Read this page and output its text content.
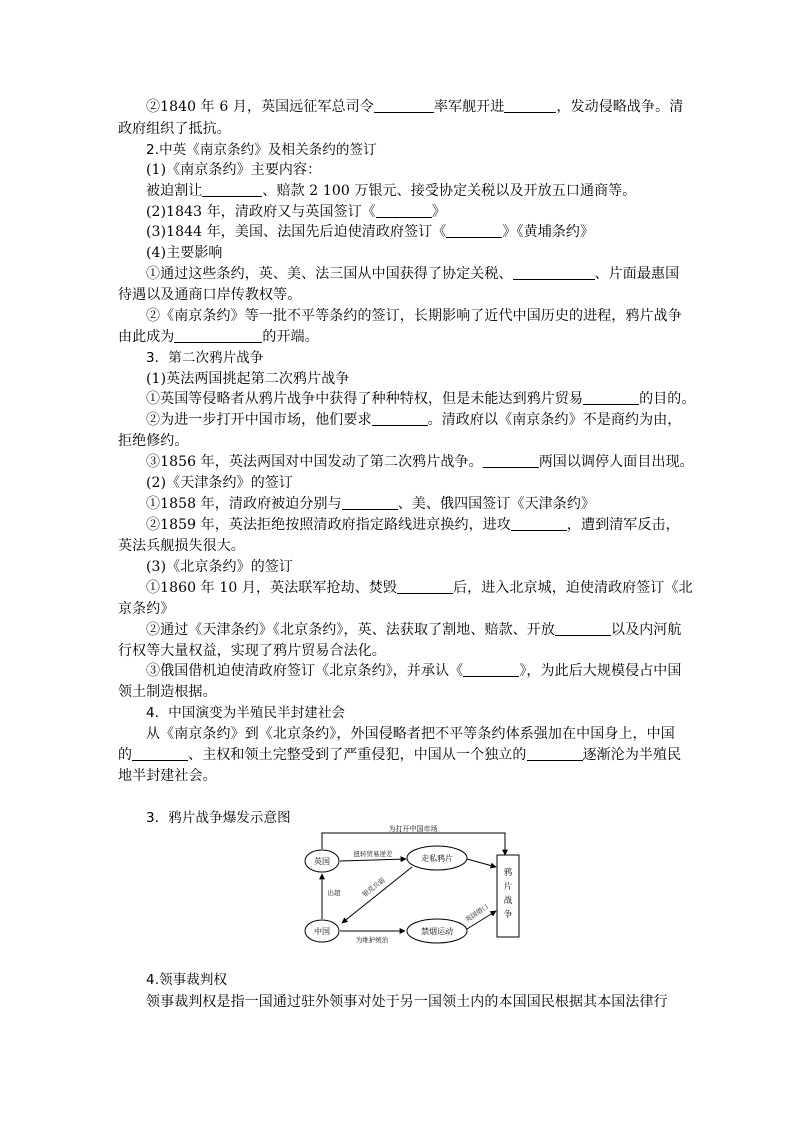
②1840 年 6 月，英国远征军总司令	率军舰开进	，发动侵略战争。清
政府组织了抵抗。
2.中英《南京条约》及相关条约的签订
(1)《南京条约》主要内容：
被迫割让	、赔款 2 100 万银元、接受协定关税以及开放五口通商等。
(2)1843 年，清政府又与英国签订《	》
(3)1844 年，美国、法国先后迫使清政府签订《	》《黄埔条约》
(4)主要影响
①通过这些条约，英、美、法三国从中国获得了协定关税、	、片面最惠国
待遇以及通商口岸传教权等。
②《南京条约》等一批不平等条约的签订，长期影响了近代中国历史的进程，鸦片战争
由此成为	的开端。
3．第二次鸦片战争
(1)英法两国挑起第二次鸦片战争
①英国等侵略者从鸦片战争中获得了种种特权，但是未能达到鸦片贸易	的目的。
②为进一步打开中国市场，他们要求	。清政府以《南京条约》不是商约为由，
拒绝修约。
③1856 年，英法两国对中国发动了第二次鸦片战争。	两国以调停人面目出现。
(2)《天津条约》的签订
①1858 年，清政府被迫分别与	、美、俄四国签订《天津条约》
②1859 年，英法拒绝按照清政府指定路线进京换约，进攻	，遭到清军反击，
英法兵舰损失很大。
(3)《北京条约》的签订
①1860 年 10 月，英法联军抢劫、焚毁	后，进入北京城，迫使清政府签订《北
京条约》
②通过《天津条约》《北京条约》，英、法获取了割地、赔款、开放	以及内河航
行权等大量权益，实现了鸦片贸易合法化。
③俄国借机迫使清政府签订《北京条约》，并承认《	》，为此后大规模侵占中国
领土制造根据。
4．中国演变为半殖民半封建社会
从《南京条约》到《北京条约》，外国侵略者把不平等条约体系强加在中国身上，中国
的	、主权和领土完整受到了严重侵犯，中国从一个独立的	逐渐沦为半殖民
地半封建社会。
3．鸦片战争爆发示意图
为打开中国市场
英国	走私鸦片
扭转贸易逆差
鸦片战争
中国
出超	银荒兵弱
禁烟运动
为维护统治
英国借口
4.领事裁判权
领事裁判权是指一国通过驻外领事对处于另一国领土内的本国国民根据其本国法律行
